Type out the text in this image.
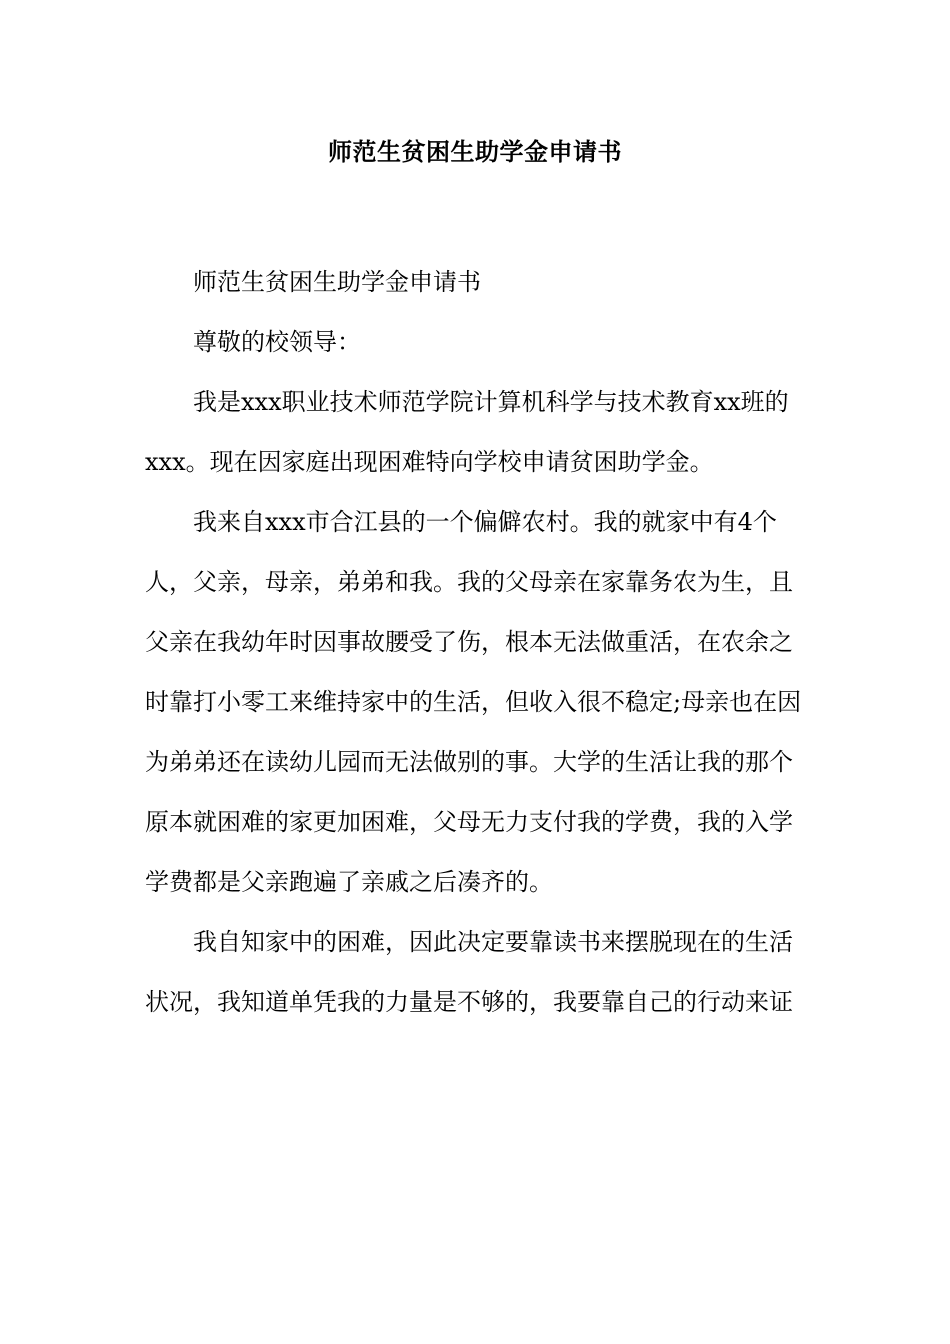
师范生贫困生助学金申请书

师范生贫困生助学金申请书

尊敬的校领导：

我是xxx职业技术师范学院计算机科学与技术教育xx班的xxx。现在因家庭出现困难特向学校申请贫困助学金。

我来自xxx市合江县的一个偏僻农村。我的就家中有4个人，父亲，母亲，弟弟和我。我的父母亲在家靠务农为生，且父亲在我幼年时因事故腰受了伤，根本无法做重活，在农余之时靠打小零工来维持家中的生活，但收入很不稳定;母亲也在因为弟弟还在读幼儿园而无法做别的事。大学的生活让我的那个原本就困难的家更加困难，父母无力支付我的学费，我的入学学费都是父亲跑遍了亲戚之后凑齐的。

我自知家中的困难，因此决定要靠读书来摆脱现在的生活状况，我知道单凭我的力量是不够的，我要靠自己的行动来证
